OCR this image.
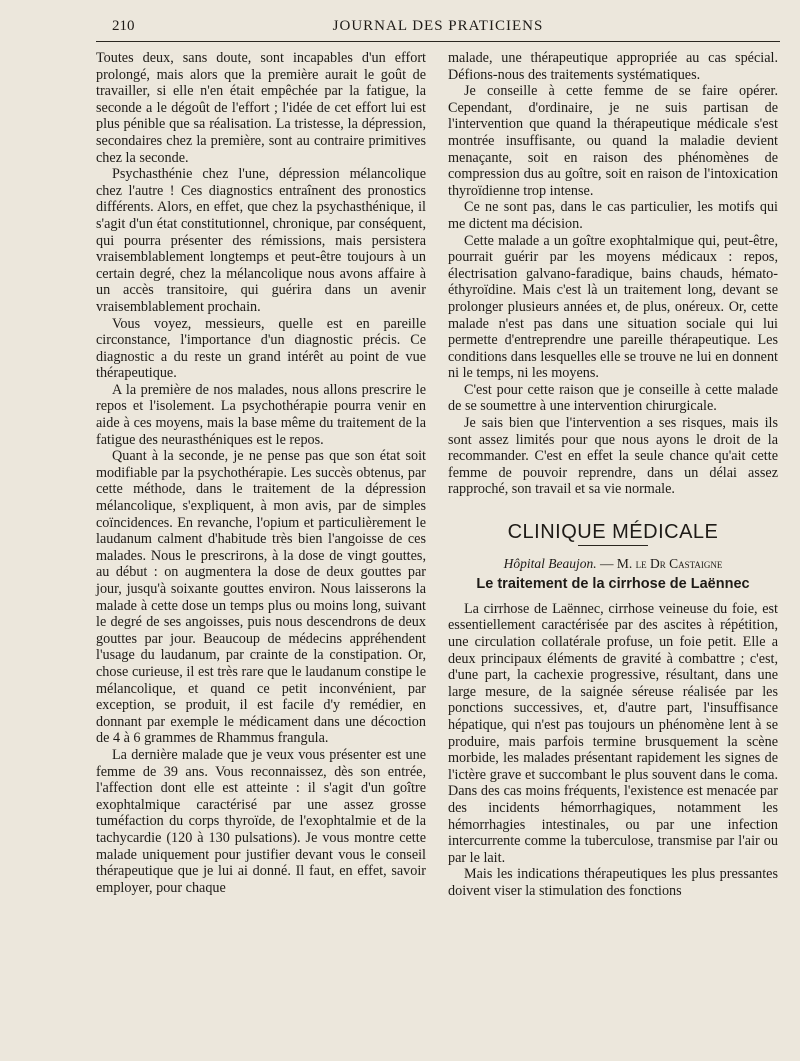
210	JOURNAL DES PRATICIENS

Toutes deux, sans doute, sont incapables d'un effort prolongé, mais alors que la première aurait le goût de travailler, si elle n'en était empêchée par la fatigue, la seconde a le dégoût de l'effort ; l'idée de cet effort lui est plus pénible que sa réalisation. La tristesse, la dépression, secondaires chez la première, sont au contraire primitives chez la seconde.

Psychasthénie chez l'une, dépression mélancolique chez l'autre ! Ces diagnostics entraînent des pronostics différents. Alors, en effet, que chez la psychasthénique, il s'agit d'un état constitutionnel, chronique, par conséquent, qui pourra présenter des rémissions, mais persistera vraisemblablement longtemps et peut-être toujours à un certain degré, chez la mélancolique nous avons affaire à un accès transitoire, qui guérira dans un avenir vraisemblablement prochain.

Vous voyez, messieurs, quelle est en pareille circonstance, l'importance d'un diagnostic précis. Ce diagnostic a du reste un grand intérêt au point de vue thérapeutique.

A la première de nos malades, nous allons prescrire le repos et l'isolement. La psychothérapie pourra venir en aide à ces moyens, mais la base même du traitement de la fatigue des neurasthéniques est le repos.

Quant à la seconde, je ne pense pas que son état soit modifiable par la psychothérapie. Les succès obtenus, par cette méthode, dans le traitement de la dépression mélancolique, s'expliquent, à mon avis, par de simples coïncidences. En revanche, l'opium et particulièrement le laudanum calment d'habitude très bien l'angoisse de ces malades. Nous le prescrirons, à la dose de vingt gouttes, au début : on augmentera la dose de deux gouttes par jour, jusqu'à soixante gouttes environ. Nous laisserons la malade à cette dose un temps plus ou moins long, suivant le degré de ses angoisses, puis nous descendrons de deux gouttes par jour. Beaucoup de médecins appréhendent l'usage du laudanum, par crainte de la constipation. Or, chose curieuse, il est très rare que le laudanum constipe le mélancolique, et quand ce petit inconvénient, par exception, se produit, il est facile d'y remédier, en donnant par exemple le médicament dans une décoction de 4 à 6 grammes de Rhammus frangula.

La dernière malade que je veux vous présenter est une femme de 39 ans. Vous reconnaissez, dès son entrée, l'affection dont elle est atteinte : il s'agit d'un goître exophtalmique caractérisé par une assez grosse tuméfaction du corps thyroïde, de l'exophtalmie et de la tachycardie (120 à 130 pulsations). Je vous montre cette malade uniquement pour justifier devant vous le conseil thérapeutique que je lui ai donné. Il faut, en effet, savoir employer, pour chaque

malade, une thérapeutique appropriée au cas spécial. Défions-nous des traitements systématiques.

Je conseille à cette femme de se faire opérer. Cependant, d'ordinaire, je ne suis partisan de l'intervention que quand la thérapeutique médicale s'est montrée insuffisante, ou quand la maladie devient menaçante, soit en raison des phénomènes de compression dus au goître, soit en raison de l'intoxication thyroïdienne trop intense.

Ce ne sont pas, dans le cas particulier, les motifs qui me dictent ma décision.

Cette malade a un goître exophtalmique qui, peut-être, pourrait guérir par les moyens médicaux : repos, électrisation galvano-faradique, bains chauds, hémato-éthyroïdine. Mais c'est là un traitement long, devant se prolonger plusieurs années et, de plus, onéreux. Or, cette malade n'est pas dans une situation sociale qui lui permette d'entreprendre une pareille thérapeutique. Les conditions dans lesquelles elle se trouve ne lui en donnent ni le temps, ni les moyens.

C'est pour cette raison que je conseille à cette malade de se soumettre à une intervention chirurgicale.

Je sais bien que l'intervention a ses risques, mais ils sont assez limités pour que nous ayons le droit de la recommander. C'est en effet la seule chance qu'ait cette femme de pouvoir reprendre, dans un délai assez rapproché, son travail et sa vie normale.

CLINIQUE MÉDICALE
Hôpital Beaujon. — M. le Dr Castaigne
Le traitement de la cirrhose de Laënnec

La cirrhose de Laënnec, cirrhose veineuse du foie, est essentiellement caractérisée par des ascites à répétition, une circulation collatérale profuse, un foie petit. Elle a deux principaux éléments de gravité à combattre ; c'est, d'une part, la cachexie progressive, résultant, dans une large mesure, de la saignée séreuse réalisée par les ponctions successives, et, d'autre part, l'insuffisance hépatique, qui n'est pas toujours un phénomène lent à se produire, mais parfois termine brusquement la scène morbide, les malades présentant rapidement les signes de l'ictère grave et succombant le plus souvent dans le coma. Dans des cas moins fréquents, l'existence est menacée par des incidents hémorrhagiques, notamment les hémorrhagies intestinales, ou par une infection intercurrente comme la tuberculose, transmise par l'air ou par le lait.

Mais les indications thérapeutiques les plus pressantes doivent viser la stimulation des fonctions
